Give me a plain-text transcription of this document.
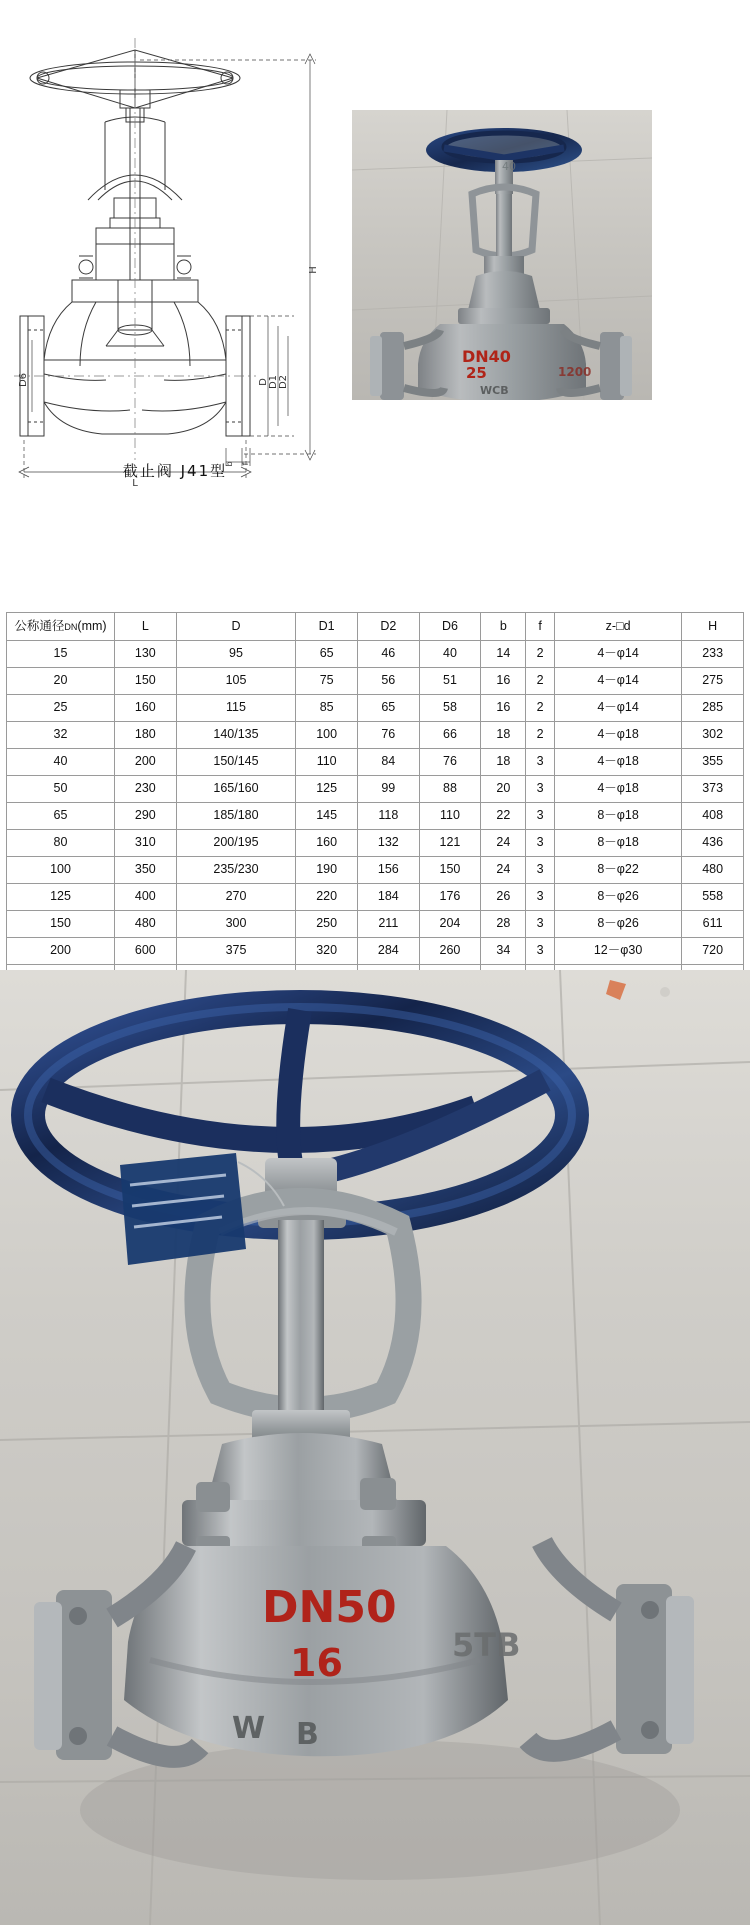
H
D D1 D2
D6
L
b f
截止阀 J41型
DN40
25	1200
WCB
40
公称通径DN(mm)	L	D	D1	D2	D6	b	f	z-□d	H
15	130	95	65	46	40	14	2	4－φ14	233
20	150	105	75	56	51	16	2	4－φ14	275
25	160	115	85	65	58	16	2	4－φ14	285
32	180	140/135	100	76	66	18	2	4－φ18	302
40	200	150/145	110	84	76	18	3	4－φ18	355
50	230	165/160	125	99	88	20	3	4－φ18	373
65	290	185/180	145	118	110	22	3	8－φ18	408
80	310	200/195	160	132	121	24	3	8－φ18	436
100	350	235/230	190	156	150	24	3	8－φ22	480
125	400	270	220	184	176	26	3	8－φ26	558
150	480	300	250	211	204	28	3	8－φ26	611
200	600	375	320	284	260	34	3	12－φ30	720

DN50
16
W B
5TB
